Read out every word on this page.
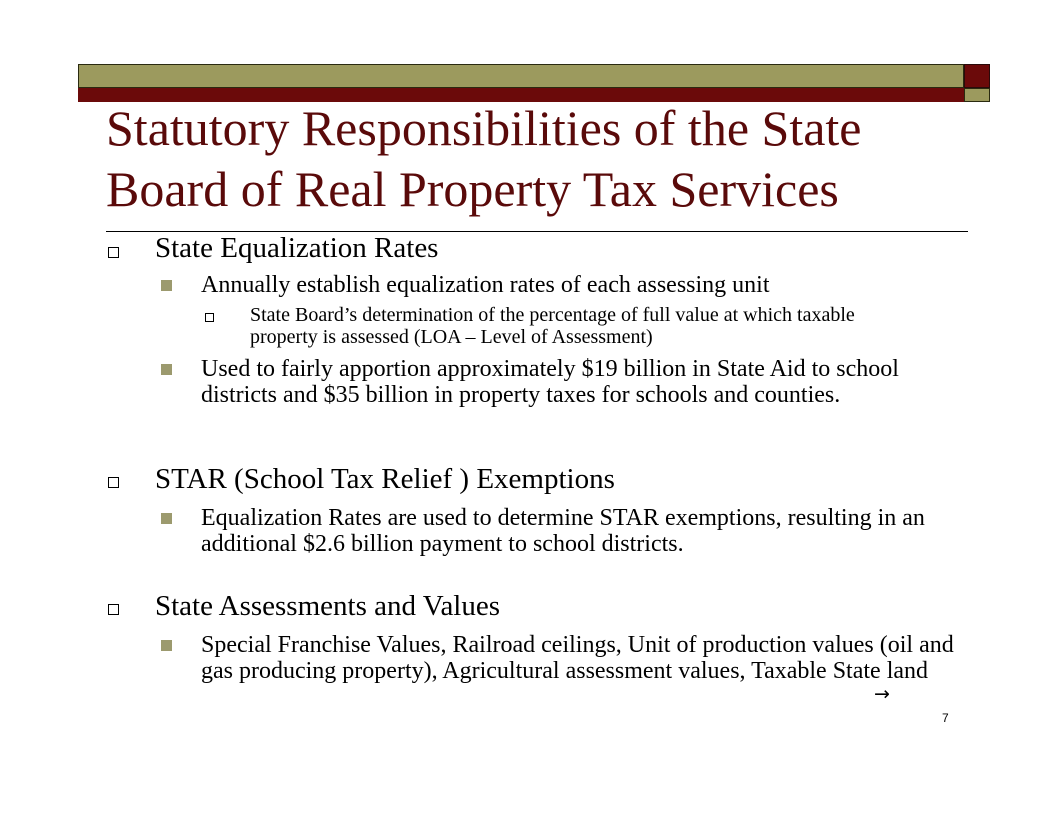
Statutory Responsibilities of the State Board of Real Property Tax Services
State Equalization Rates
Annually establish equalization rates of each assessing unit
State Board’s determination of the percentage of full value at which taxable property is assessed (LOA – Level of Assessment)
Used to fairly apportion approximately $19 billion in State Aid to school districts and $35 billion in property taxes for schools and counties.
STAR (School Tax Relief ) Exemptions
Equalization Rates are used to determine STAR exemptions, resulting in an additional $2.6 billion payment to school districts.
State Assessments and Values
Special Franchise Values, Railroad ceilings, Unit of production values (oil and gas producing property), Agricultural assessment values, Taxable State land
→
7
